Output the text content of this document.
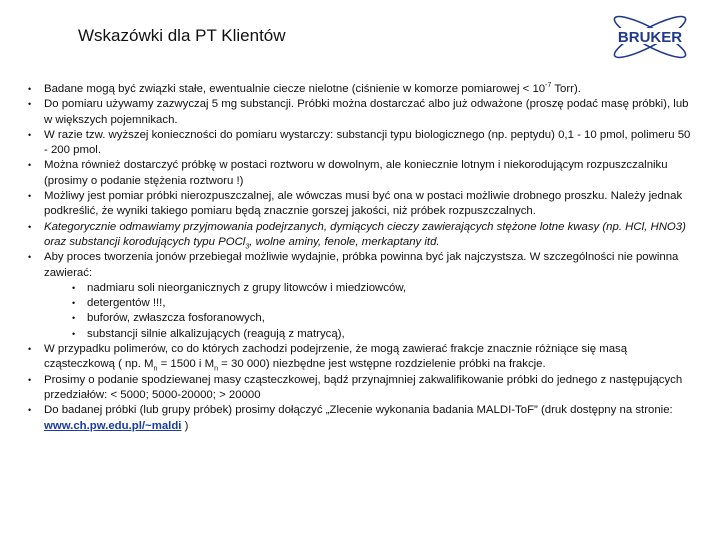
Wskazówki dla PT Klientów	BRUKER
• Badane mogą być związki stałe, ewentualnie ciecze nielotne (ciśnienie w komorze pomiarowej < $10^{-7}$ Torr).
• Do pomiaru używamy zazwyczaj 5 mg substancji. Próbki można dostarczać albo już odważone (proszę podać masę próbki), lub w większych pojemnikach.
• W razie tzw. wyższej konieczności do pomiaru wystarczy: substancji typu biologicznego (np. peptydu) 0,1 - 10 pmol, polimeru 50 - 200 pmol.
• Można również dostarczyć próbkę w postaci roztworu w dowolnym, ale koniecznie lotnym i niekorodującym rozpuszczalniku (prosimy o podanie stężenia roztworu !)
• Możliwy jest pomiar próbki nierozpuszczalnej, ale wówczas musi być ona w postaci możliwie drobnego proszku. Należy jednak podkreślić, że wyniki takiego pomiaru będą znacznie gorszej jakości, niż próbek rozpuszczalnych.
• Kategorycznie odmawiamy przyjmowania podejrzanych, dymiących cieczy zawierających stężone lotne kwasy (np. HCl, HNO3) oraz substancji korodujących typu POCl$_3$, wolne aminy, fenole, merkaptany itd.
• Aby proces tworzenia jonów przebiegał możliwie wydajnie, próbka powinna być jak najczystsza. W szczególności nie powinna zawierać:
• nadmiaru soli nieorganicznych z grupy litowców i miedziowców,
• detergentów !!!,
• buforów, zwłaszcza fosforanowych,
• substancji silnie alkalizujących (reagują z matrycą),
• W przypadku polimerów, co do których zachodzi podejrzenie, że mogą zawierać frakcje znacznie różniące się masą cząsteczkową ( np. $M_n = 1500$ i $M_n = 30$ 000) niezbędne jest wstępne rozdzielenie próbki na frakcje.
• Prosimy o podanie spodziewanej masy cząsteczkowej, bądź przynajmniej zakwalifikowanie próbki do jednego z następujących przedziałów: < 5000; 5000-20000; > 20000
• Do badanej próbki (lub grupy próbek) prosimy dołączyć „Zlecenie wykonania badania MALDI-ToF” (druk dostępny na stronie: www.ch.pw.edu.pl/~maldi )
